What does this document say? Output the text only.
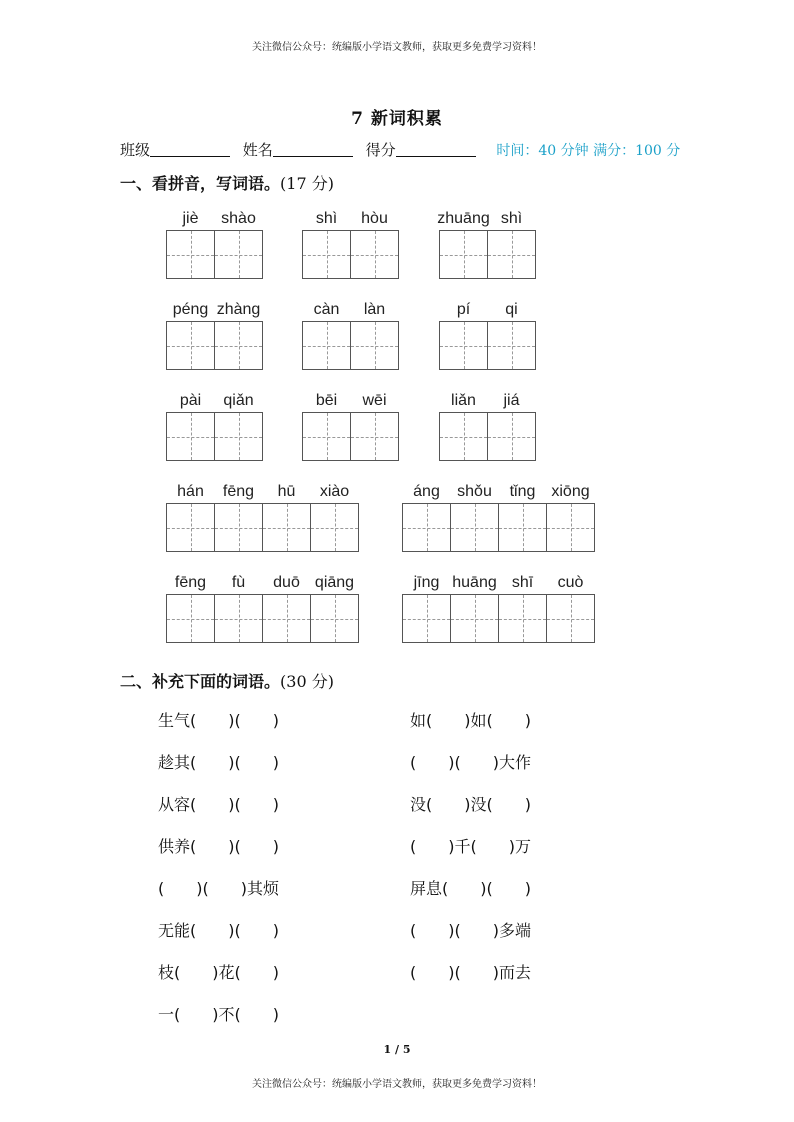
关注微信公众号：统编版小学语文教师，获取更多免费学习资料！
7 新词积累
班级	姓名	得分	时间：40 分钟 满分：100 分
一、看拼音，写词语。(17 分)
jiè	shào	shì	hòu	zhuāng shì
péng zhàng	càn	làn	pí	qi
pài	qiǎn	bēi	wēi	liǎn	jiá
hán	fēng	hū	xiào	áng	shǒu	tǐng xiōng
fēng	fù	duō qiāng	jīng huāng shī	cuò
二、补充下面的词语。(30 分)
生气(　　)(　　)	如(　　)如(　　)
趁其(　　)(　　)	(　　)(　　)大作
从容(　　)(　　)	没(　　)没(　　)
供养(　　)(　　)	(　　)千(　　)万
(　　)(　　)其烦	屏息(　　)(　　)
无能(　　)(　　)	(　　)(　　)多端
枝(　　)花(　　)	(　　)(　　)而去
一(　　)不(　　)
1 / 5
关注微信公众号：统编版小学语文教师，获取更多免费学习资料！
